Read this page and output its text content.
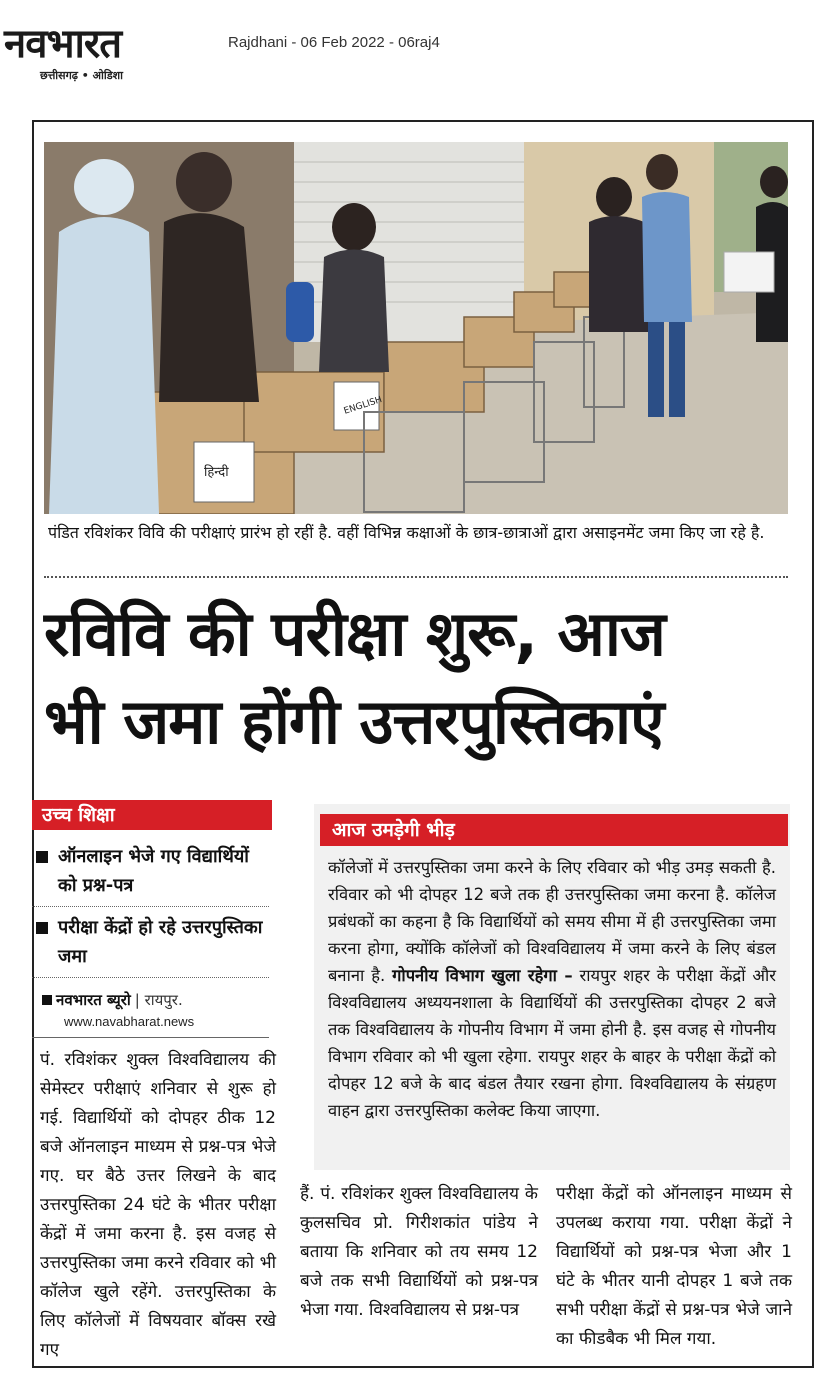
नवभारत
छत्तीसगढ़ • ओडिशा
Rajdhani - 06 Feb 2022 - 06raj4
ENGLISH
हिन्दी
पंडित रविशंकर विवि की परीक्षाएं प्रारंभ हो रहीं है. वहीं विभिन्न कक्षाओं के छात्र-छात्राओं द्वारा असाइनमेंट जमा किए जा रहे है.
रविवि की परीक्षा शुरू, आज
भी जमा होंगी उत्तरपुस्तिकाएं
उच्च शिक्षा
ऑनलाइन भेजे गए विद्यार्थियों को प्रश्न-पत्र
परीक्षा केंद्रों हो रहे उत्तरपुस्तिका जमा
नवभारत ब्यूरो | रायपुर.
www.navabharat.news
पं. रविशंकर शुक्ल विश्वविद्यालय की सेमेस्टर परीक्षाएं शनिवार से शुरू हो गई. विद्यार्थियों को दोपहर ठीक 12 बजे ऑनलाइन माध्यम से प्रश्न-पत्र भेजे गए. घर बैठे उत्तर लिखने के बाद उत्तरपुस्तिका 24 घंटे के भीतर परीक्षा केंद्रों में जमा करना है. इस वजह से उत्तरपुस्तिका जमा करने रविवार को भी कॉलेज खुले रहेंगे. उत्तरपुस्तिका के लिए कॉलेजों में विषयवार बॉक्स रखे गए
आज उमड़ेगी भीड़
कॉलेजों में उत्तरपुस्तिका जमा करने के लिए रविवार को भीड़ उमड़ सकती है. रविवार को भी दोपहर 12 बजे तक ही उत्तरपुस्तिका जमा करना है. कॉलेज प्रबंधकों का कहना है कि विद्यार्थियों को समय सीमा में ही उत्तरपुस्तिका जमा करना होगा, क्योंकि कॉलेजों को विश्वविद्यालय में जमा करने के लिए बंडल बनाना है. गोपनीय विभाग खुला रहेगा – रायपुर शहर के परीक्षा केंद्रों और विश्वविद्यालय अध्ययनशाला के विद्यार्थियों की उत्तरपुस्तिका दोपहर 2 बजे तक विश्वविद्यालय के गोपनीय विभाग में जमा होनी है. इस वजह से गोपनीय विभाग रविवार को भी खुला रहेगा. रायपुर शहर के बाहर के परीक्षा केंद्रों को दोपहर 12 बजे के बाद बंडल तैयार रखना होगा. विश्वविद्यालय के संग्रहण वाहन द्वारा उत्तरपुस्तिका कलेक्ट किया जाएगा.
हैं. पं. रविशंकर शुक्ल विश्वविद्यालय के कुलसचिव प्रो. गिरीशकांत पांडेय ने बताया कि शनिवार को तय समय 12 बजे तक सभी विद्यार्थियों को प्रश्न-पत्र भेजा गया. विश्वविद्यालय से प्रश्न-पत्र
परीक्षा केंद्रों को ऑनलाइन माध्यम से उपलब्ध कराया गया. परीक्षा केंद्रों ने विद्यार्थियों को प्रश्न-पत्र भेजा और 1 घंटे के भीतर यानी दोपहर 1 बजे तक सभी परीक्षा केंद्रों से प्रश्न-पत्र भेजे जाने का फीडबैक भी मिल गया.
